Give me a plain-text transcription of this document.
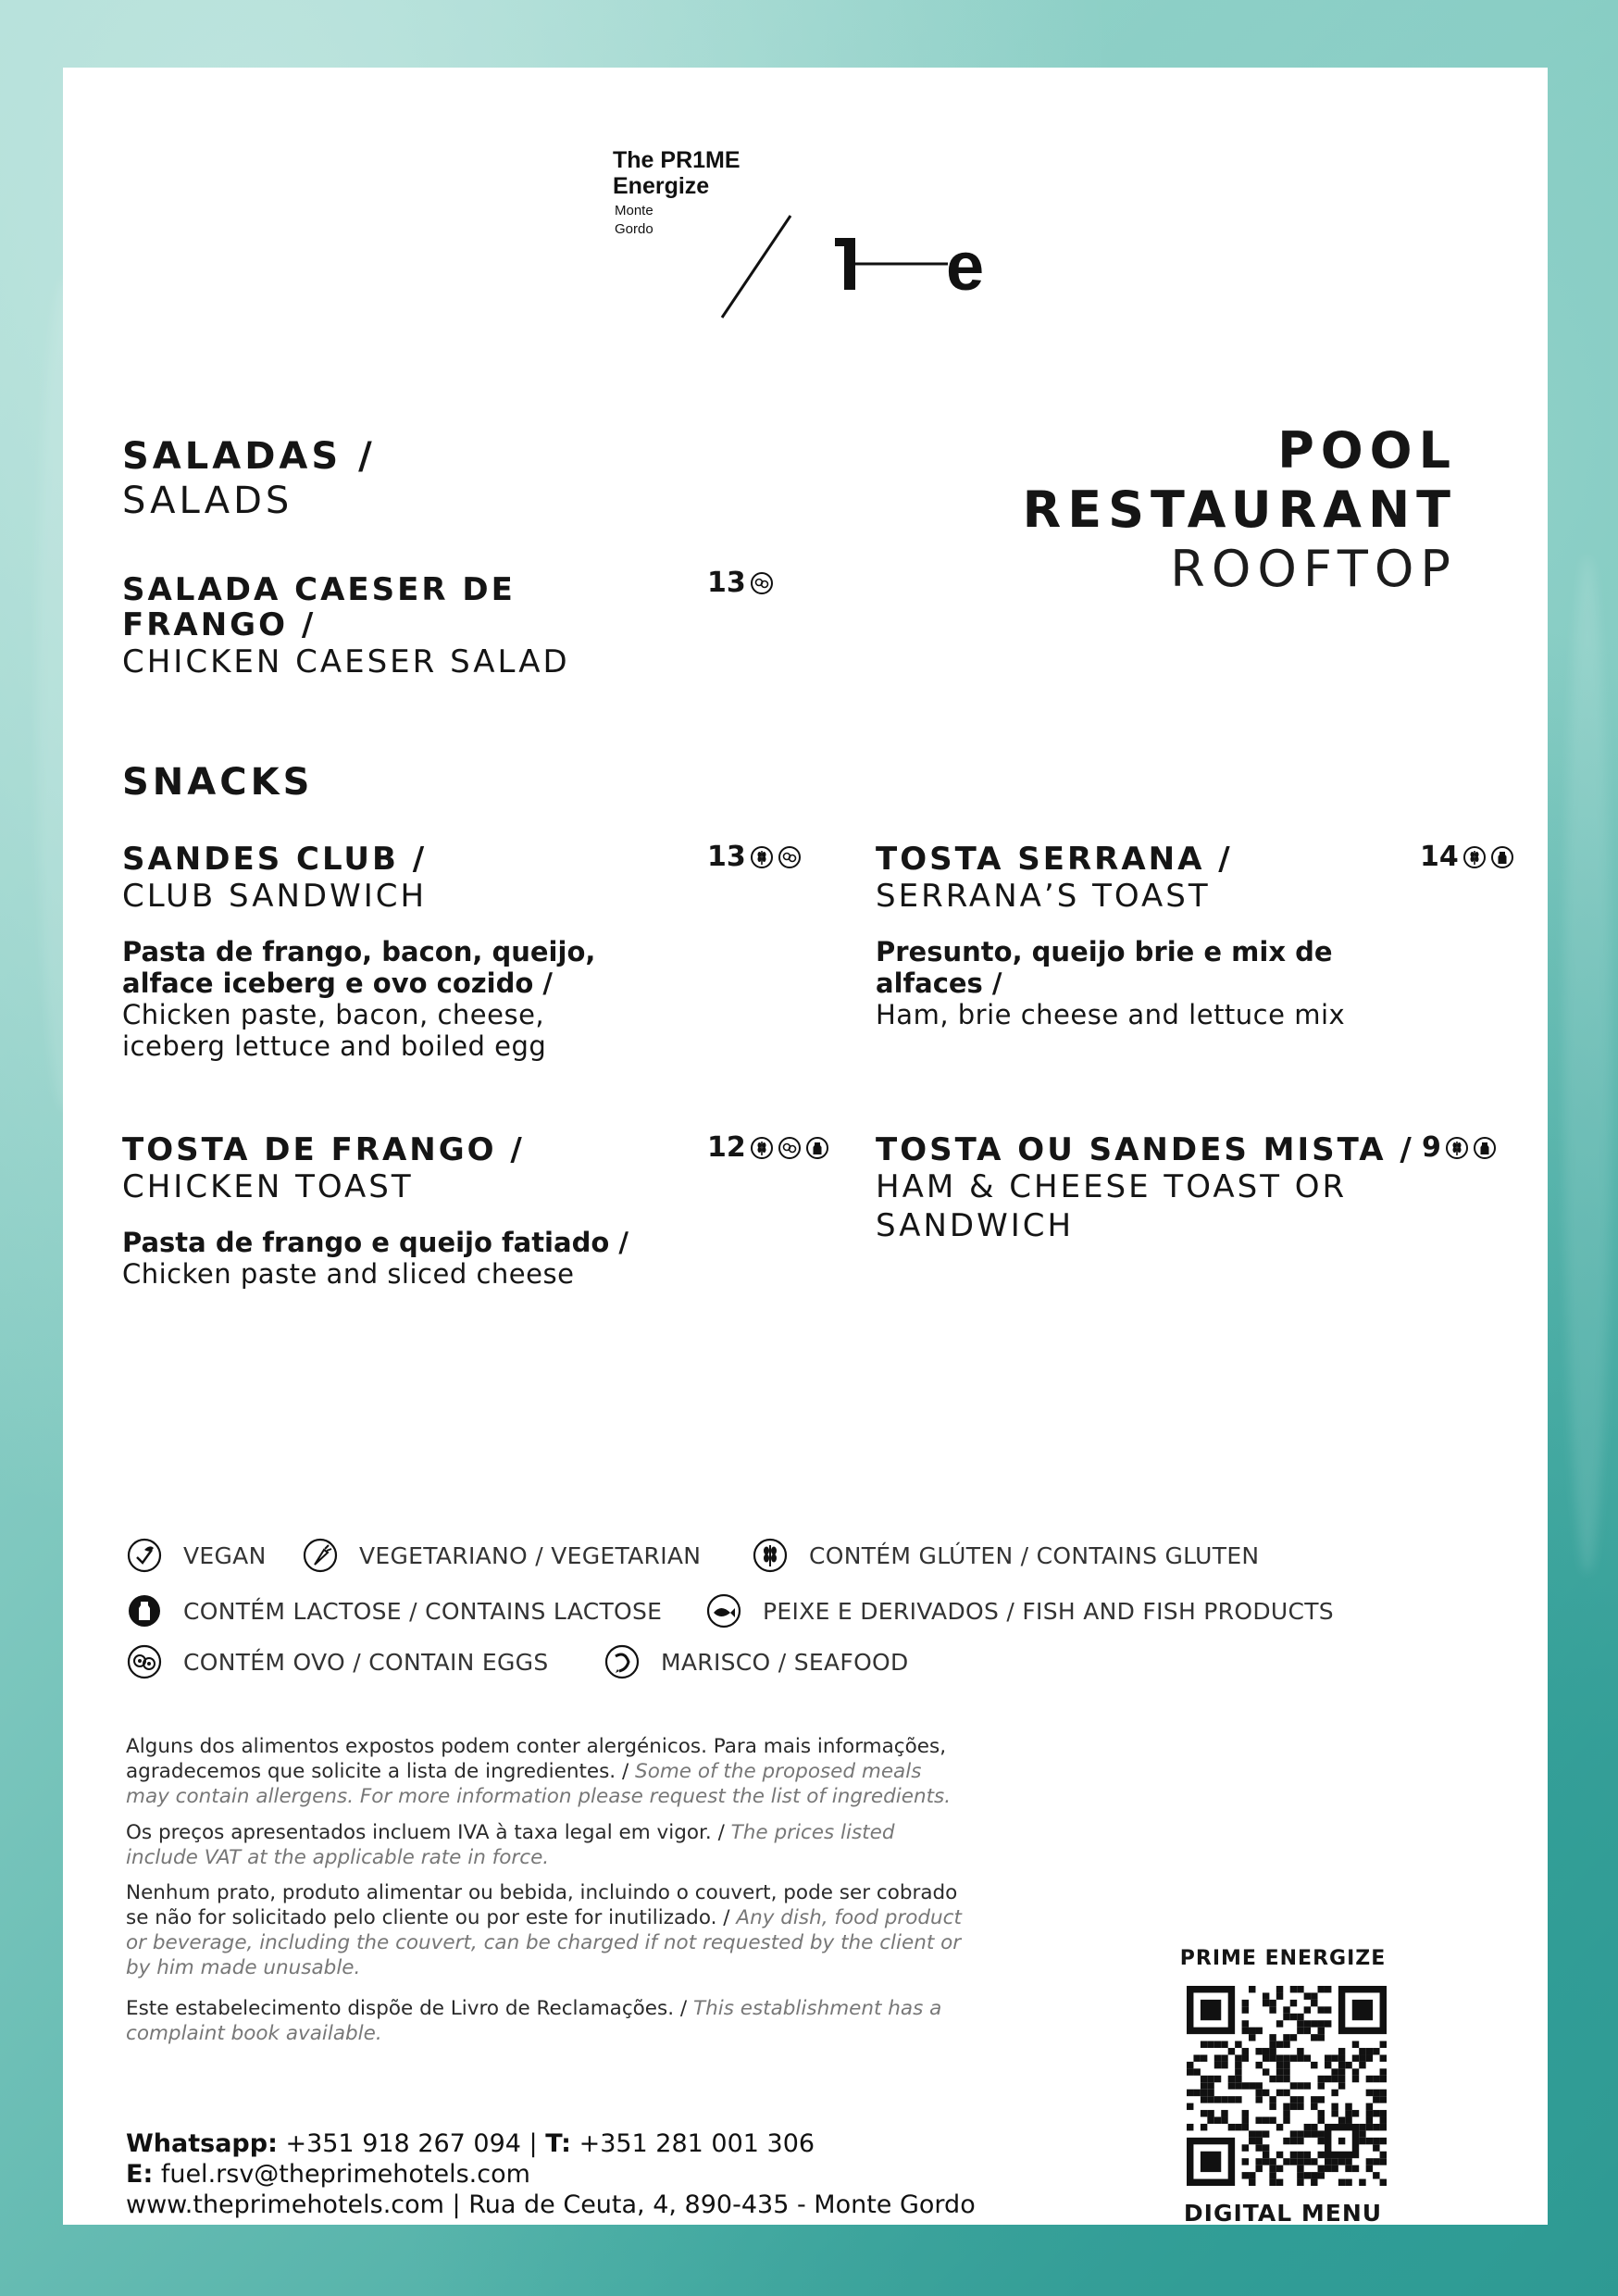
The PR1ME
Energize
Monte
Gordo	e
POOL
RESTAURANT
ROOFTOP
SALADAS /
SALADS
SALADA CAESER DE
FRANGO /
CHICKEN CAESER SALAD
13
SNACKS
SANDES CLUB /
CLUB SANDWICH
Pasta de frango, bacon, queijo,
alface iceberg e ovo cozido /
Chicken paste, bacon, cheese,
iceberg lettuce and boiled egg
13	TOSTA SERRANA /
SERRANA’S TOAST
Presunto, queijo brie e mix de
alfaces /
Ham, brie cheese and lettuce mix
14
TOSTA DE FRANGO /
CHICKEN TOAST
Pasta de frango e queijo fatiado /
Chicken paste and sliced cheese
12	TOSTA OU SANDES MISTA /
HAM & CHEESE TOAST OR
SANDWICH
9
VEGAN	VEGETARIANO / VEGETARIAN	CONTÉM GLÚTEN / CONTAINS GLUTEN
CONTÉM LACTOSE / CONTAINS LACTOSE	PEIXE E DERIVADOS / FISH AND FISH PRODUCTS
CONTÉM OVO / CONTAIN EGGS	MARISCO / SEAFOOD
Alguns dos alimentos expostos podem conter alergénicos. Para mais informações,
agradecemos que solicite a lista de ingredientes. / Some of the proposed meals
may contain allergens. For more information please request the list of ingredients.
Os preços apresentados incluem IVA à taxa legal em vigor. / The prices listed
include VAT at the applicable rate in force.
Nenhum prato, produto alimentar ou bebida, incluindo o couvert, pode ser cobrado
se não for solicitado pelo cliente ou por este for inutilizado. / Any dish, food product
or beverage, including the couvert, can be charged if not requested by the client or
by him made unusable.
Este estabelecimento dispõe de Livro de Reclamações. / This establishment has a
complaint book available.
Whatsapp: +351 918 267 094 | T: +351 281 001 306
E: fuel.rsv@theprimehotels.com
www.theprimehotels.com | Rua de Ceuta, 4, 890-435 - Monte Gordo
PRIME ENERGIZE
DIGITAL MENU
